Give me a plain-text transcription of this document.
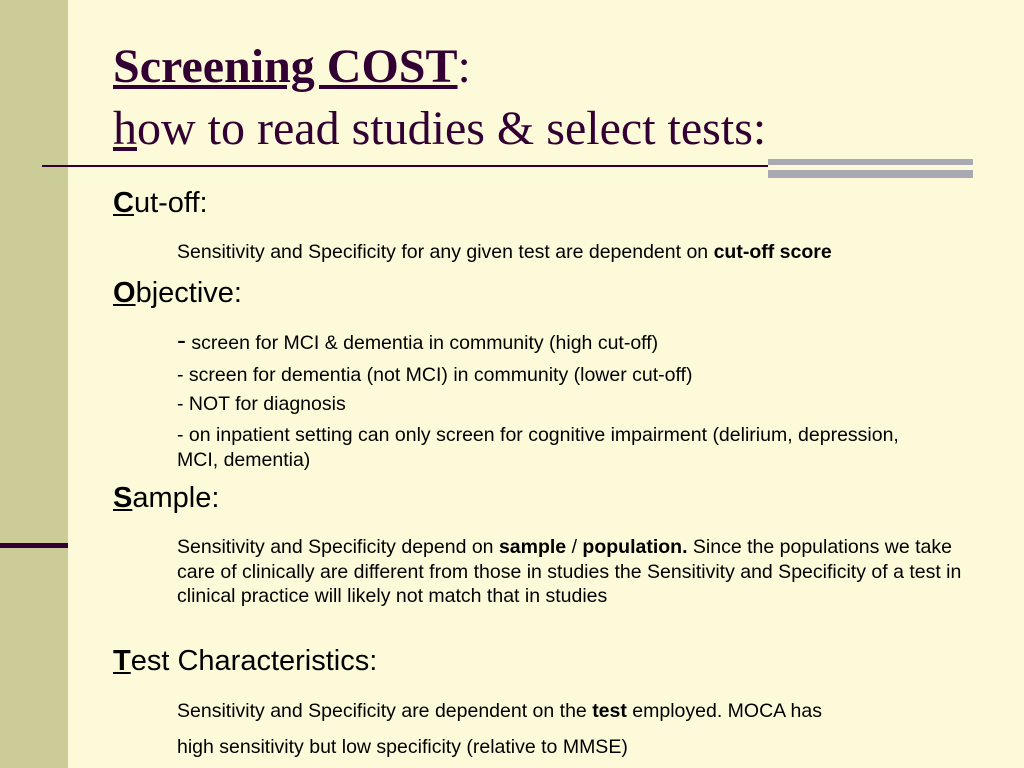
Screening COST:
how to read studies & select tests:
Cut-off:
Sensitivity and Specificity for any given test are dependent on cut-off score
Objective:
- screen for MCI & dementia in community (high cut-off)
- screen for dementia (not MCI) in community (lower cut-off)
- NOT for diagnosis
- on inpatient setting can only screen for cognitive impairment (delirium, depression, MCI, dementia)
Sample:
Sensitivity and Specificity depend on sample / population. Since the populations we take care of clinically are different from those in studies the Sensitivity and Specificity of a test in clinical practice will likely not match that in studies
Test Characteristics:
Sensitivity and Specificity are dependent on the test employed. MOCA has
high sensitivity but low specificity (relative to MMSE)
